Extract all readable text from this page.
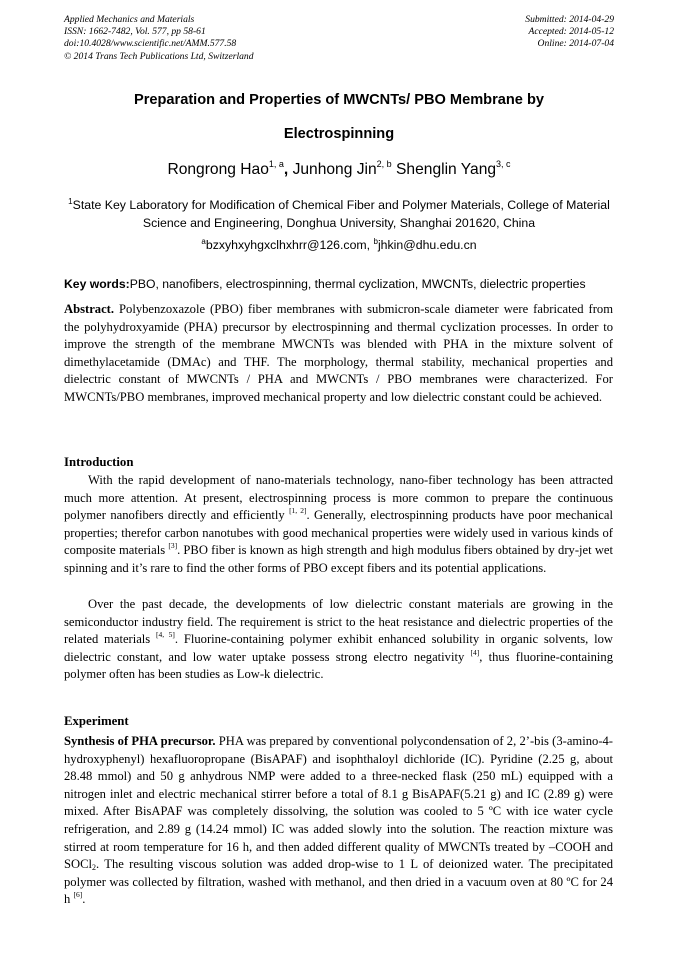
Applied Mechanics and Materials
ISSN: 1662-7482, Vol. 577, pp 58-61
doi:10.4028/www.scientific.net/AMM.577.58
© 2014 Trans Tech Publications Ltd, Switzerland
Submitted: 2014-04-29
Accepted: 2014-05-12
Online: 2014-07-04
Preparation and Properties of MWCNTs/ PBO Membrane by
Electrospinning
Rongrong Hao$^{1, a}$, Junhong Jin$^{2, b}$ Shenglin Yang$^{3, c}$
$^1$State Key Laboratory for Modification of Chemical Fiber and Polymer Materials, College of Material Science and Engineering, Donghua University, Shanghai 201620, China
$^a$bzxyhxyhgxclhxhrr@126.com, $^b$jhkin@dhu.edu.cn
Key words:PBO, nanofibers, electrospinning, thermal cyclization, MWCNTs, dielectric properties
Abstract. Polybenzoxazole (PBO) fiber membranes with submicron-scale diameter were fabricated from the polyhydroxyamide (PHA) precursor by electrospinning and thermal cyclization processes. In order to improve the strength of the membrane MWCNTs was blended with PHA in the mixture solvent of dimethylacetamide (DMAc) and THF. The morphology, thermal stability, mechanical properties and dielectric constant of MWCNTs / PHA and MWCNTs / PBO membranes were characterized. For MWCNTs/PBO membranes, improved mechanical property and low dielectric constant could be achieved.
Introduction
With the rapid development of nano-materials technology, nano-fiber technology has been attracted much more attention. At present, electrospinning process is more common to prepare the continuous polymer nanofibers directly and efficiently [1, 2]. Generally, electrospinning products have poor mechanical properties; therefor carbon nanotubes with good mechanical properties were widely used in various kinds of composite materials [3]. PBO fiber is known as high strength and high modulus fibers obtained by dry-jet wet spinning and it’s rare to find the other forms of PBO except fibers and its potential applications.
Over the past decade, the developments of low dielectric constant materials are growing in the semiconductor industry field. The requirement is strict to the heat resistance and dielectric properties of the related materials [4, 5]. Fluorine-containing polymer exhibit enhanced solubility in organic solvents, low dielectric constant, and low water uptake possess strong electro negativity [4], thus fluorine-containing polymer often has been studies as Low-k dielectric.
Experiment
Synthesis of PHA precursor. PHA was prepared by conventional polycondensation of 2, 2’-bis (3-amino-4-hydroxyphenyl) hexafluoropropane (BisAPAF) and isophthaloyl dichloride (IC). Pyridine (2.25 g, about 28.48 mmol) and 50 g anhydrous NMP were added to a three-necked flask (250 mL) equipped with a nitrogen inlet and electric mechanical stirrer before a total of 8.1 g BisAPAF(5.21 g) and IC (2.89 g) were mixed. After BisAPAF was completely dissolving, the solution was cooled to 5 ºC with ice water cycle refrigeration, and 2.89 g (14.24 mmol) IC was added slowly into the solution. The reaction mixture was stirred at room temperature for 16 h, and then added different quality of MWCNTs treated by –COOH and SOCl$_2$. The resulting viscous solution was added drop-wise to 1 L of deionized water. The precipitated polymer was collected by filtration, washed with methanol, and then dried in a vacuum oven at 80 ºC for 24 h [6].
